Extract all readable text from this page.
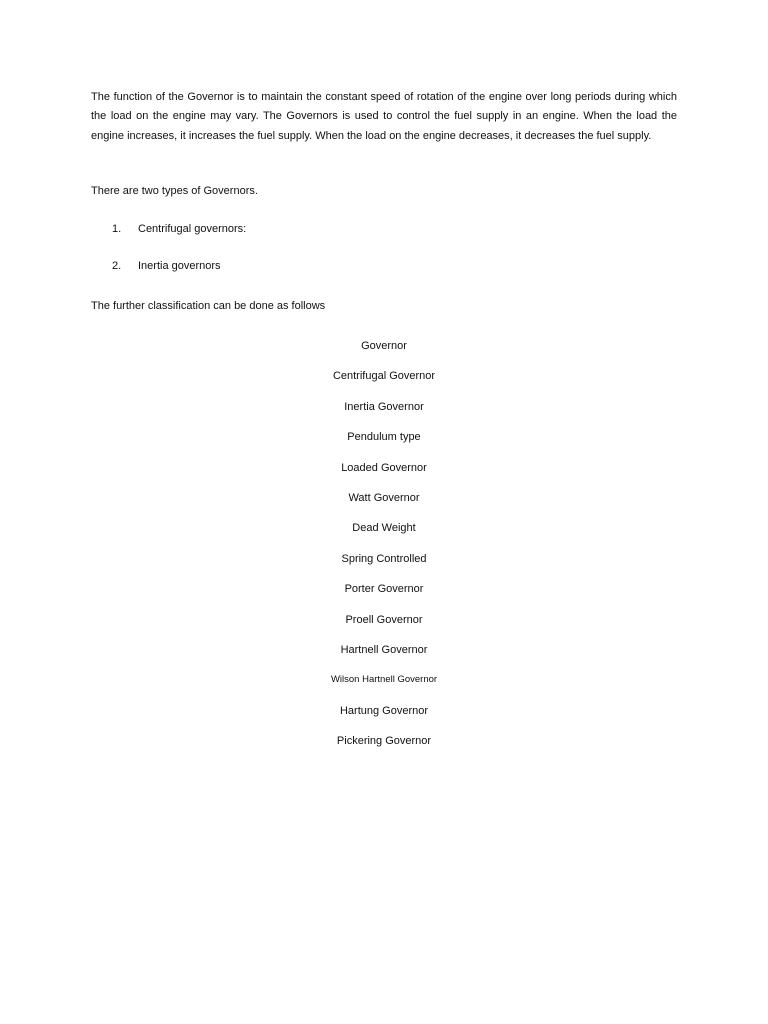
The function of the Governor is to maintain the constant speed of rotation of the engine over long periods during which the load on the engine may vary. The Governors is used to control the fuel supply in an engine. When the load the engine increases, it increases the fuel supply. When the load on the engine decreases, it decreases the fuel supply.

There are two types of Governors.

1. Centrifugal governors:
2. Inertia governors

The further classification can be done as follows

Governor
Centrifugal Governor
Inertia Governor
Pendulum type
Loaded Governor
Watt Governor
Dead Weight
Spring Controlled
Porter Governor
Proell Governor
Hartnell Governor
Wilson Hartnell Governor
Hartung Governor
Pickering Governor
